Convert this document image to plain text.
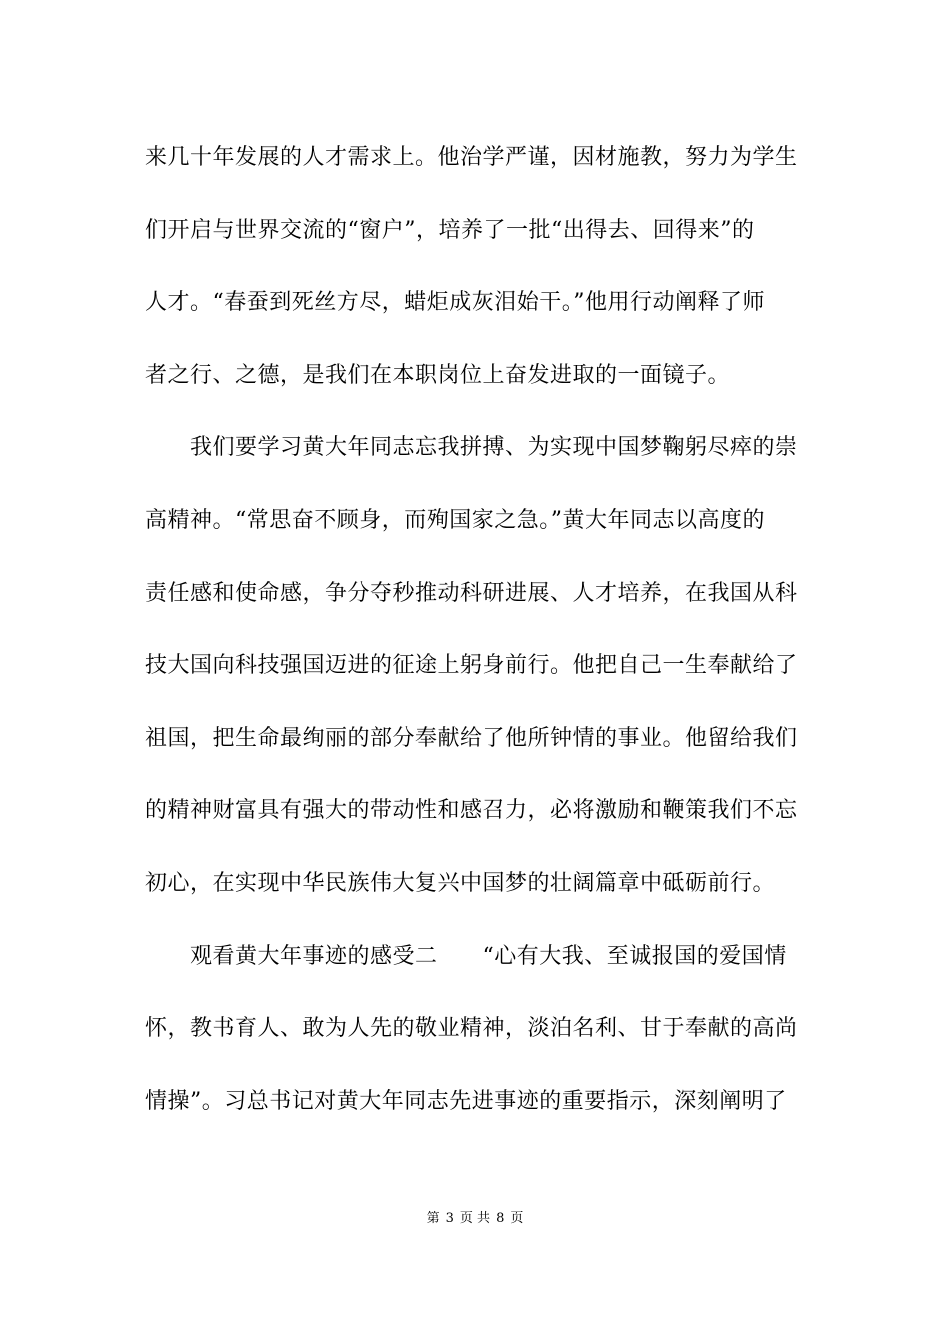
来几十年发展的人才需求上。他治学严谨，因材施教，努力为学生
们开启与世界交流的“窗户”，培养了一批“出得去、回得来”的
人才。“春蚕到死丝方尽，蜡炬成灰泪始干。”他用行动阐释了师
者之行、之德，是我们在本职岗位上奋发进取的一面镜子。
　　我们要学习黄大年同志忘我拼搏、为实现中国梦鞠躬尽瘁的崇
高精神。“常思奋不顾身，而殉国家之急。”黄大年同志以高度的
责任感和使命感，争分夺秒推动科研进展、人才培养，在我国从科
技大国向科技强国迈进的征途上躬身前行。他把自己一生奉献给了
祖国，把生命最绚丽的部分奉献给了他所钟情的事业。他留给我们
的精神财富具有强大的带动性和感召力，必将激励和鞭策我们不忘
初心，在实现中华民族伟大复兴中国梦的壮阔篇章中砥砺前行。
　　观看黄大年事迹的感受二　　“心有大我、至诚报国的爱国情
怀，教书育人、敢为人先的敬业精神，淡泊名利、甘于奉献的高尚
情操”。习总书记对黄大年同志先进事迹的重要指示，深刻阐明了
第 3 页 共 8 页
